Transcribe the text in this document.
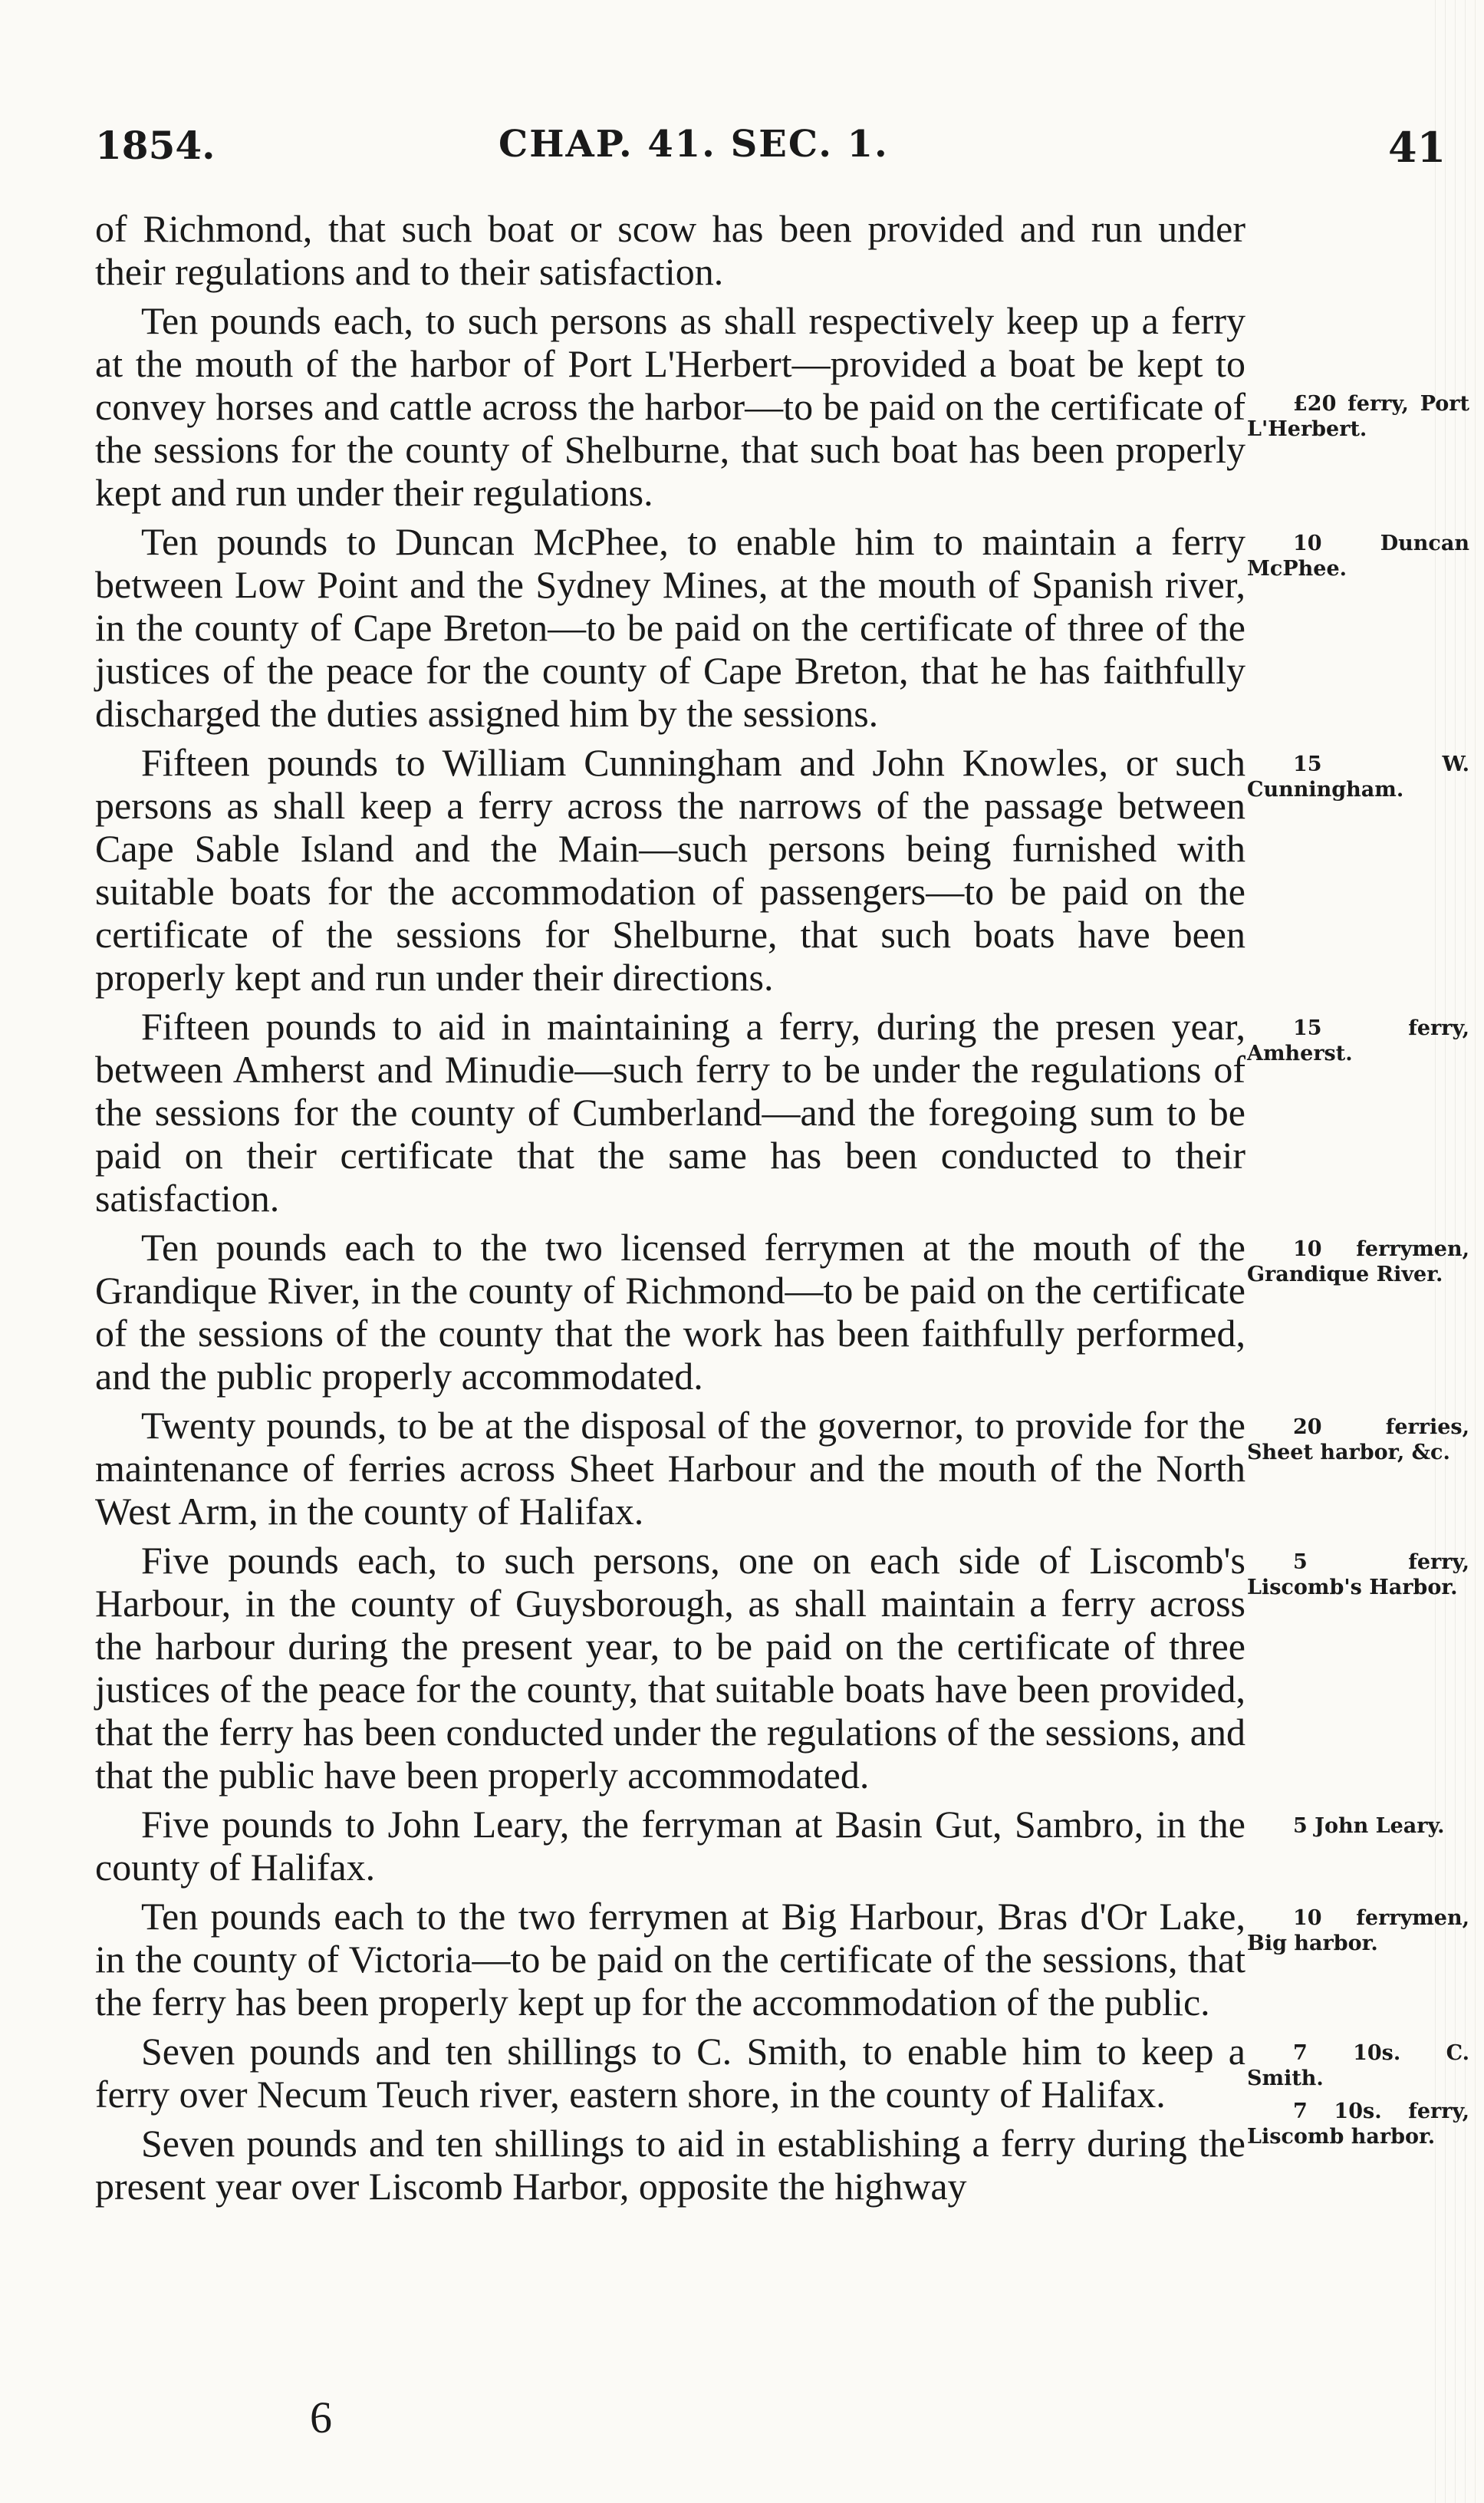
1854.	CHAP. 41. SEC. 1.	41

of Richmond, that such boat or scow has been provided and run under their regulations and to their satisfaction.

Ten pounds each, to such persons as shall respectively keep up a ferry at the mouth of the harbor of Port L'Herbert—provided a boat be kept to convey horses and cattle across the harbor—to be paid on the certificate of the sessions for the county of Shelburne, that such boat has been properly kept and run under their regulations.
£20 ferry, Port L'Herbert.

Ten pounds to Duncan McPhee, to enable him to maintain a ferry between Low Point and the Sydney Mines, at the mouth of Spanish river, in the county of Cape Breton—to be paid on the certificate of three of the justices of the peace for the county of Cape Breton, that he has faithfully discharged the duties assigned him by the sessions.
10 Duncan McPhee.

Fifteen pounds to William Cunningham and John Knowles, or such persons as shall keep a ferry across the narrows of the passage between Cape Sable Island and the Main—such persons being furnished with suitable boats for the accommodation of passengers—to be paid on the certificate of the sessions for Shelburne, that such boats have been properly kept and run under their directions.
15 W. Cunningham.

Fifteen pounds to aid in maintaining a ferry, during the presen year, between Amherst and Minudie—such ferry to be under the regulations of the sessions for the county of Cumberland—and the foregoing sum to be paid on their certificate that the same has been conducted to their satisfaction.
15 ferry, Amherst.

Ten pounds each to the two licensed ferrymen at the mouth of the Grandique River, in the county of Richmond—to be paid on the certificate of the sessions of the county that the work has been faithfully performed, and the public properly accommodated.
10 ferrymen, Grandique River.

Twenty pounds, to be at the disposal of the governor, to provide for the maintenance of ferries across Sheet Harbour and the mouth of the North West Arm, in the county of Halifax.
20 ferries, Sheet harbor, &c.

Five pounds each, to such persons, one on each side of Liscomb's Harbour, in the county of Guysborough, as shall maintain a ferry across the harbour during the present year, to be paid on the certificate of three justices of the peace for the county, that suitable boats have been provided, that the ferry has been conducted under the regulations of the sessions, and that the public have been properly accommodated.
5 ferry, Liscomb's Harbor.

Five pounds to John Leary, the ferryman at Basin Gut, Sambro, in the county of Halifax.
5 John Leary.

Ten pounds each to the two ferrymen at Big Harbour, Bras d'Or Lake, in the county of Victoria—to be paid on the certificate of the sessions, that the ferry has been properly kept up for the accommodation of the public.
10 ferrymen, Big harbor.

Seven pounds and ten shillings to C. Smith, to enable him to keep a ferry over Necum Teuch river, eastern shore, in the county of Halifax.
7 10s. C. Smith.

Seven pounds and ten shillings to aid in establishing a ferry during the present year over Liscomb Harbor, opposite the highway
7 10s. ferry, Liscomb harbor.

6
